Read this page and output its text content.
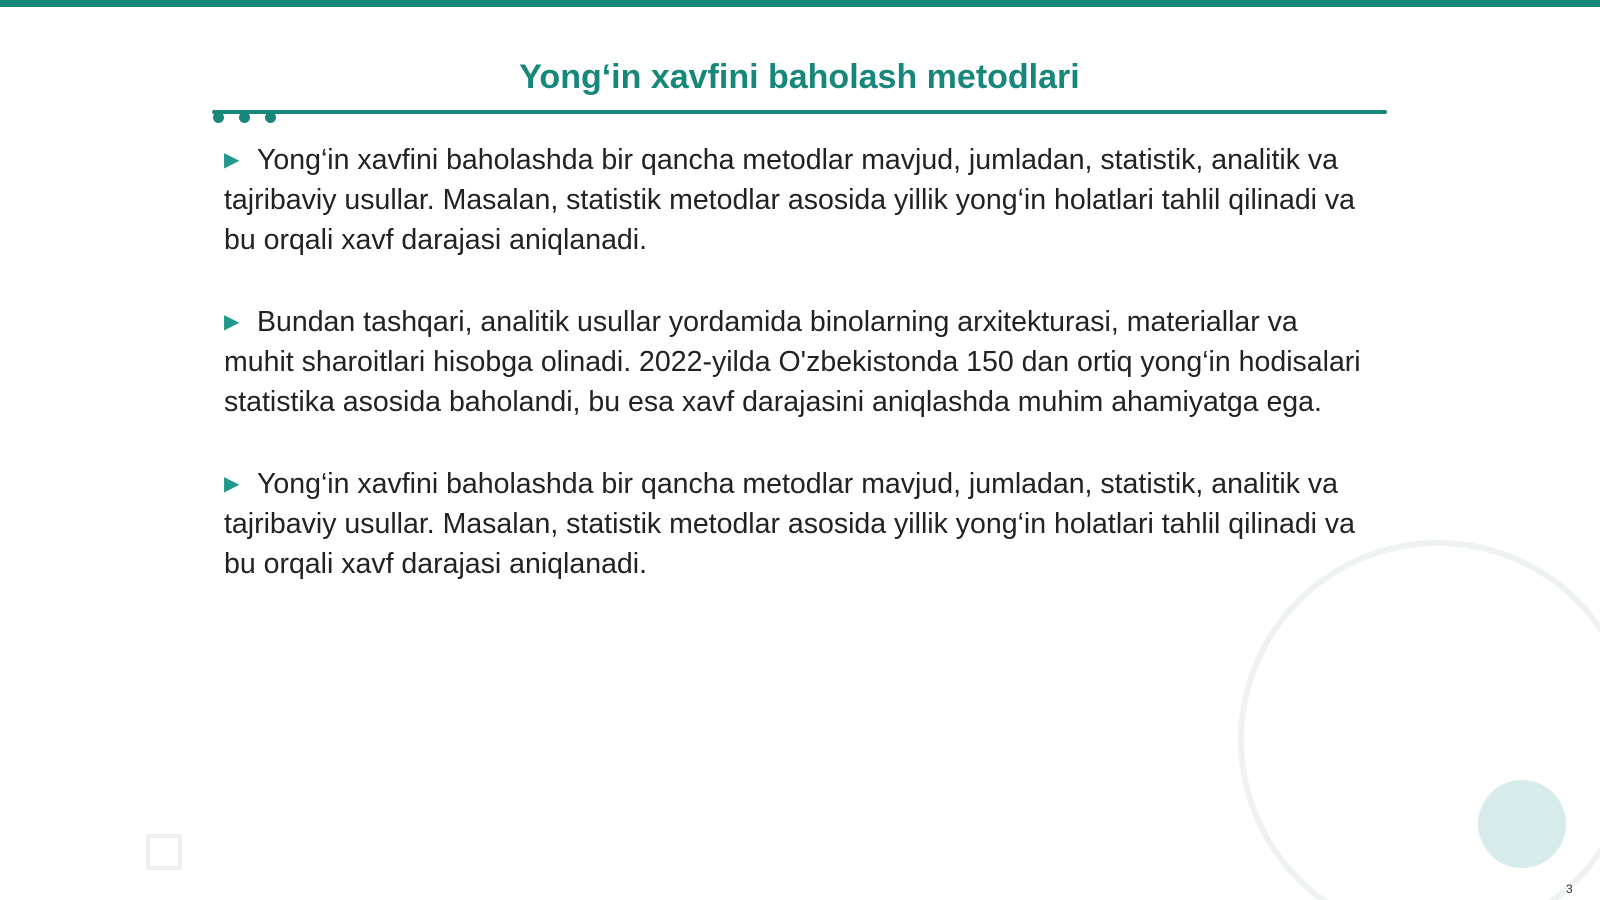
Yong‘in xavfini baholash metodlari

▶ Yong‘in xavfini baholashda bir qancha metodlar mavjud, jumladan, statistik, analitik va tajribaviy usullar. Masalan, statistik metodlar asosida yillik yong‘in holatlari tahlil qilinadi va bu orqali xavf darajasi aniqlanadi.

▶ Bundan tashqari, analitik usullar yordamida binolarning arxitekturasi, materiallar va muhit sharoitlari hisobga olinadi. 2022-yilda O'zbekistonda 150 dan ortiq yong‘in hodisalari statistika asosida baholandi, bu esa xavf darajasini aniqlashda muhim ahamiyatga ega.

▶ Yong‘in xavfini baholashda bir qancha metodlar mavjud, jumladan, statistik, analitik va tajribaviy usullar. Masalan, statistik metodlar asosida yillik yong‘in holatlari tahlil qilinadi va bu orqali xavf darajasi aniqlanadi.

3
